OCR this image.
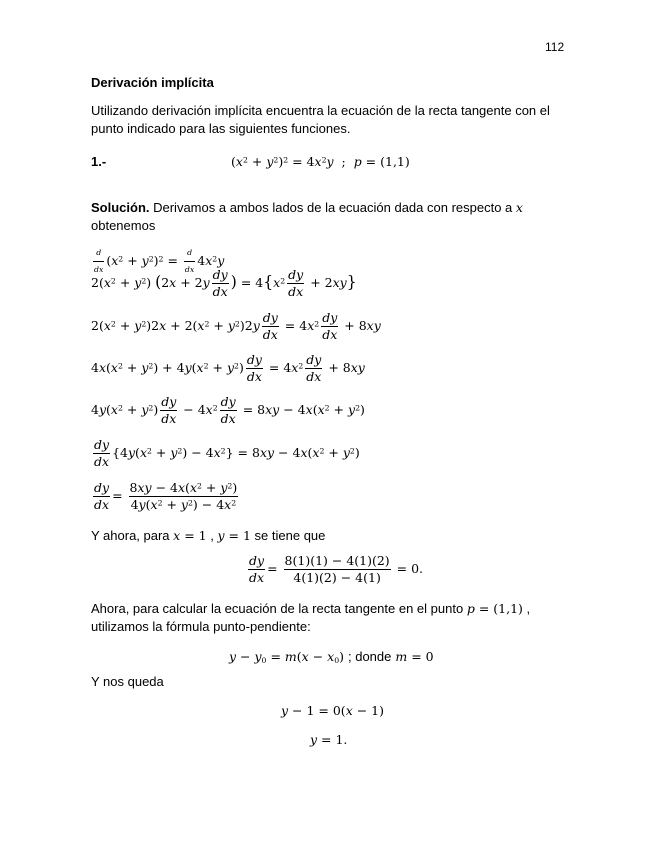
112
Derivación implícita
Utilizando derivación implícita encuentra la ecuación de la recta tangente con el punto indicado para las siguientes funciones.
1.-	$(x^2 + y^2)^2 = 4x^2y$  ;  p = (1,1)
Solución. Derivamos a ambos lados de la ecuación dada con respecto a x
obtenemos
$\frac{d}{dx} (x^2 + y^2)^2 = \frac{d}{dx} 4x^2y$
$2(x^2 + y^2) (2x + 2y \frac{dy}{dx}$ ) = $4\{x^2 \frac{dy}{dx} + 2xy\}$
$2(x^2 + y^2)2x + 2(x^2 + y^2)2y \frac{dy}{dx} = 4x^2 \frac{dy}{dx} + 8xy$
$4x(x^2 + y^2) + 4y(x^2 + y^2) \frac{dy}{dx} = 4x^2 \frac{dy}{dx} + 8xy$
$4y(x^2 + y^2) \frac{dy}{dx} - 4x^2 \frac{dy}{dx} = 8xy - 4x(x^2 + y^2)$
$\frac{dy}{dx} \{4y(x^2 + y^2) - 4x^2\} = 8xy - 4x(x^2 + y^2)$
$\frac{dy}{dx} = \frac{8xy - 4x(x^2 + y^2)}{4y(x^2 + y^2) - 4x^2}$
Y ahora, para x = 1 , y = 1 se tiene que
$\frac{dy}{dx} = \frac{8(1)(1) - 4(1)(2)}{4(1)(2) - 4(1)} = 0$.
Ahora, para calcular la ecuación de la recta tangente en el punto p = (1,1) ,
utilizamos la fórmula punto-pendiente:
$y - y_0 = m(x - x_0)$ ; donde m = 0
Y nos queda
y − 1 = 0(x − 1)
y = 1.
